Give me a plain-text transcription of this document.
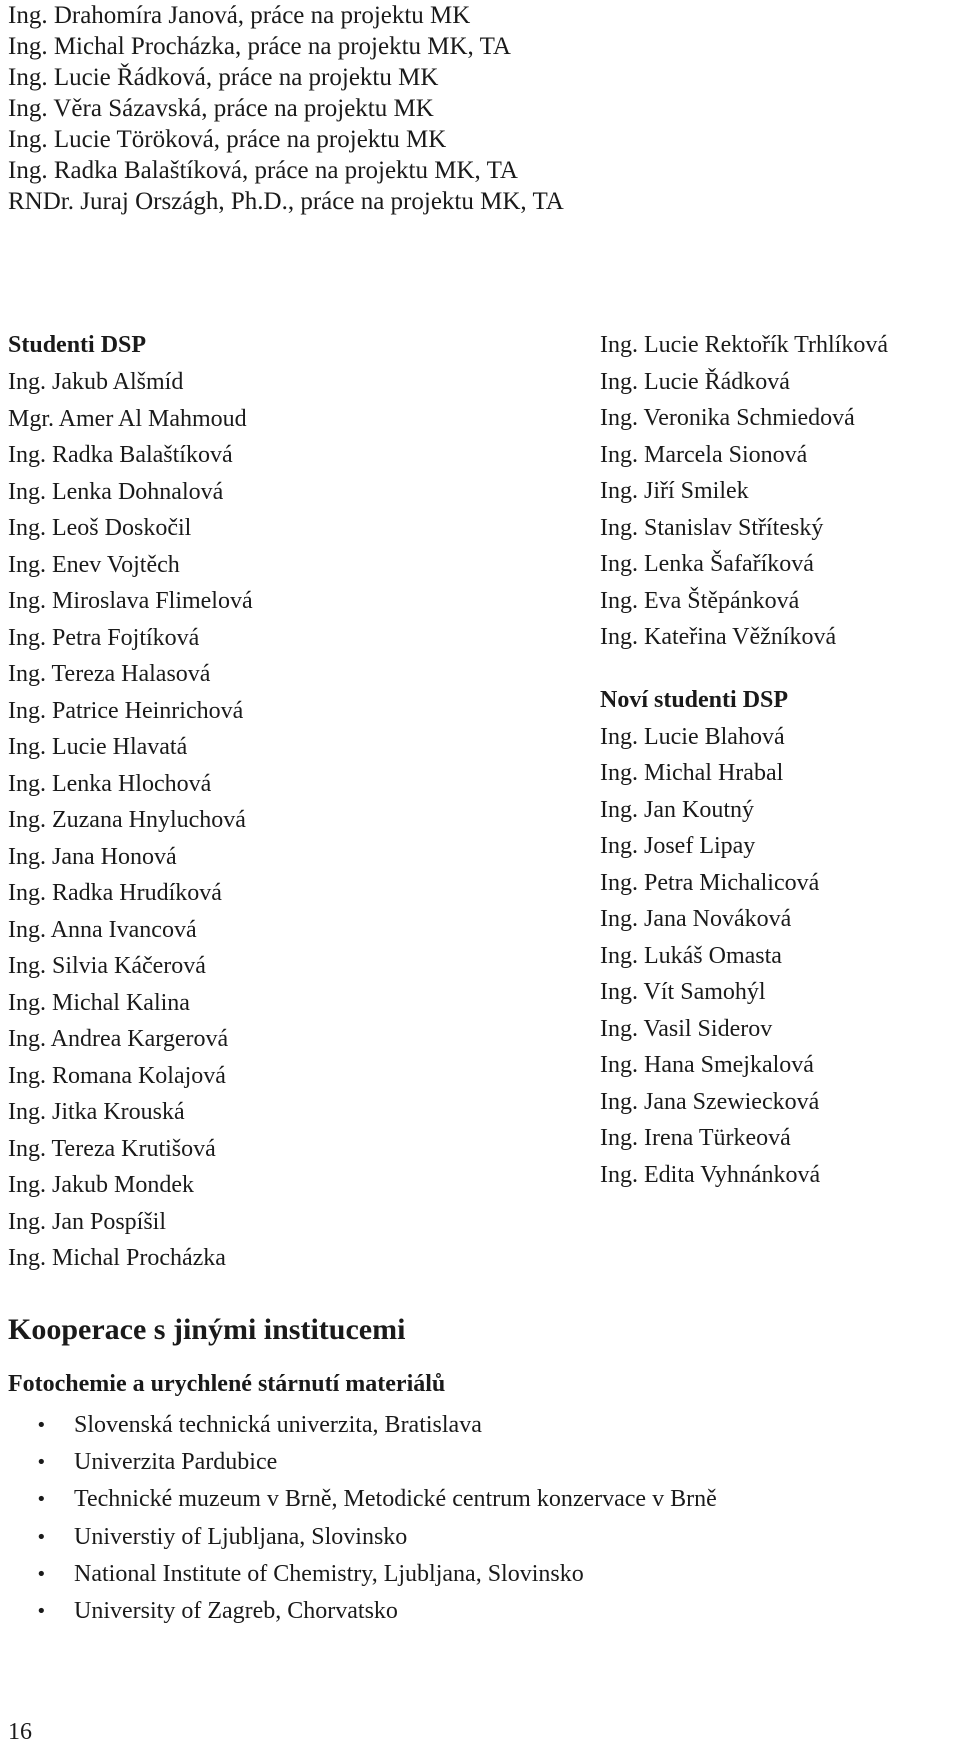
Ing. Drahomíra Janová, práce na projektu MK
Ing. Michal Procházka, práce na projektu MK, TA
Ing. Lucie Řádková, práce na projektu MK
Ing. Věra Sázavská, práce na projektu MK
Ing. Lucie Töröková, práce na projektu MK
Ing. Radka Balaštíková, práce na projektu MK, TA
RNDr. Juraj Országh, Ph.D., práce na projektu MK, TA
Studenti DSP
Ing. Jakub Alšmíd
Mgr. Amer Al Mahmoud
Ing. Radka Balaštíková
Ing. Lenka Dohnalová
Ing. Leoš Doskočil
Ing. Enev Vojtěch
Ing. Miroslava Flimelová
Ing. Petra Fojtíková
Ing. Tereza Halasová
Ing. Patrice Heinrichová
Ing. Lucie Hlavatá
Ing. Lenka Hlochová
Ing. Zuzana Hnyluchová
Ing. Jana Honová
Ing. Radka Hrudíková
Ing. Anna Ivancová
Ing. Silvia Káčerová
Ing. Michal Kalina
Ing. Andrea Kargerová
Ing. Romana Kolajová
Ing. Jitka Krouská
Ing. Tereza Krutišová
Ing. Jakub Mondek
Ing. Jan Pospíšil
Ing. Michal Procházka
Ing. Lucie Rektořík Trhlíková
Ing. Lucie Řádková
Ing. Veronika Schmiedová
Ing. Marcela Sionová
Ing. Jiří Smilek
Ing. Stanislav Stříteský
Ing. Lenka Šafaříková
Ing. Eva Štěpánková
Ing. Kateřina Věžníková
Noví studenti DSP
Ing. Lucie Blahová
Ing. Michal Hrabal
Ing. Jan Koutný
Ing. Josef Lipay
Ing. Petra Michalicová
Ing. Jana Nováková
Ing. Lukáš Omasta
Ing. Vít Samohýl
Ing. Vasil Siderov
Ing. Hana Smejkalová
Ing. Jana Szewiecková
Ing. Irena Türkeová
Ing. Edita Vyhnánková
Kooperace s jinými institucemi
Fotochemie a urychlené stárnutí materiálů
• Slovenská technická univerzita, Bratislava
• Univerzita Pardubice
• Technické muzeum v Brně, Metodické centrum konzervace v Brně
• Universtiy of Ljubljana, Slovinsko
• National Institute of Chemistry, Ljubljana, Slovinsko
• University of Zagreb, Chorvatsko
16
